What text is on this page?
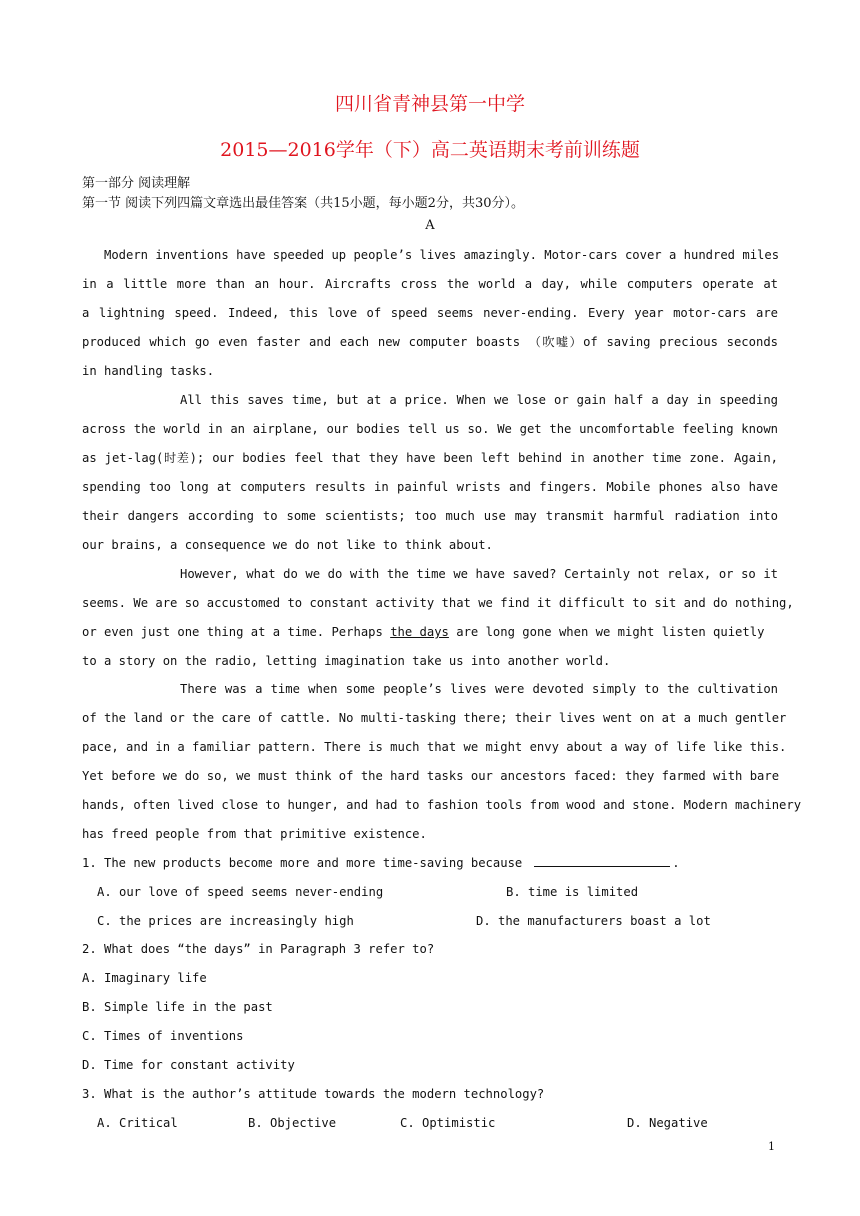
四川省青神县第一中学
2015—2016学年（下）高二英语期末考前训练题
第一部分 阅读理解
第一节 阅读下列四篇文章选出最佳答案（共15小题，每小题2分，共30分）。
A
Modern inventions have speeded up people’s lives amazingly. Motor-cars cover a hundred miles
in a little more than an hour. Aircrafts cross the world a day, while computers operate at
a lightning speed. Indeed, this love of speed seems never-ending. Every year motor-cars are
produced which go even faster and each new computer boasts （吹嘘）of saving precious seconds
in handling tasks.
All this saves time, but at a price. When we lose or gain half a day in speeding
across the world in an airplane, our bodies tell us so. We get the uncomfortable feeling known
as jet-lag(时差); our bodies feel that they have been left behind in another time zone. Again,
spending too long at computers results in painful wrists and fingers. Mobile phones also have
their dangers according to some scientists; too much use may transmit harmful radiation into
our brains, a consequence we do not like to think about.
However, what do we do with the time we have saved? Certainly not relax, or so it
seems. We are so accustomed to constant activity that we find it difficult to sit and do nothing,
or even just one thing at a time. Perhaps the days are long gone when we might listen quietly
to a story on the radio, letting imagination take us into another world.
There was a time when some people’s lives were devoted simply to the cultivation
of the land or the care of cattle. No multi-tasking there; their lives went on at a much gentler
pace, and in a familiar pattern. There is much that we might envy about a way of life like this.
Yet before we do so, we must think of the hard tasks our ancestors faced: they farmed with bare
hands, often lived close to hunger, and had to fashion tools from wood and stone. Modern machinery
has freed people from that primitive existence.
1. The new products become more and more time-saving because	.
A. our love of speed seems never-ending	B. time is limited
C. the prices are increasingly high	D. the manufacturers boast a lot
2. What does “the days” in Paragraph 3 refer to?
A. Imaginary life
B. Simple life in the past
C. Times of inventions
D. Time for constant activity
3. What is the author’s attitude towards the modern technology?
A. Critical	B. Objective	C. Optimistic	D. Negative
1
